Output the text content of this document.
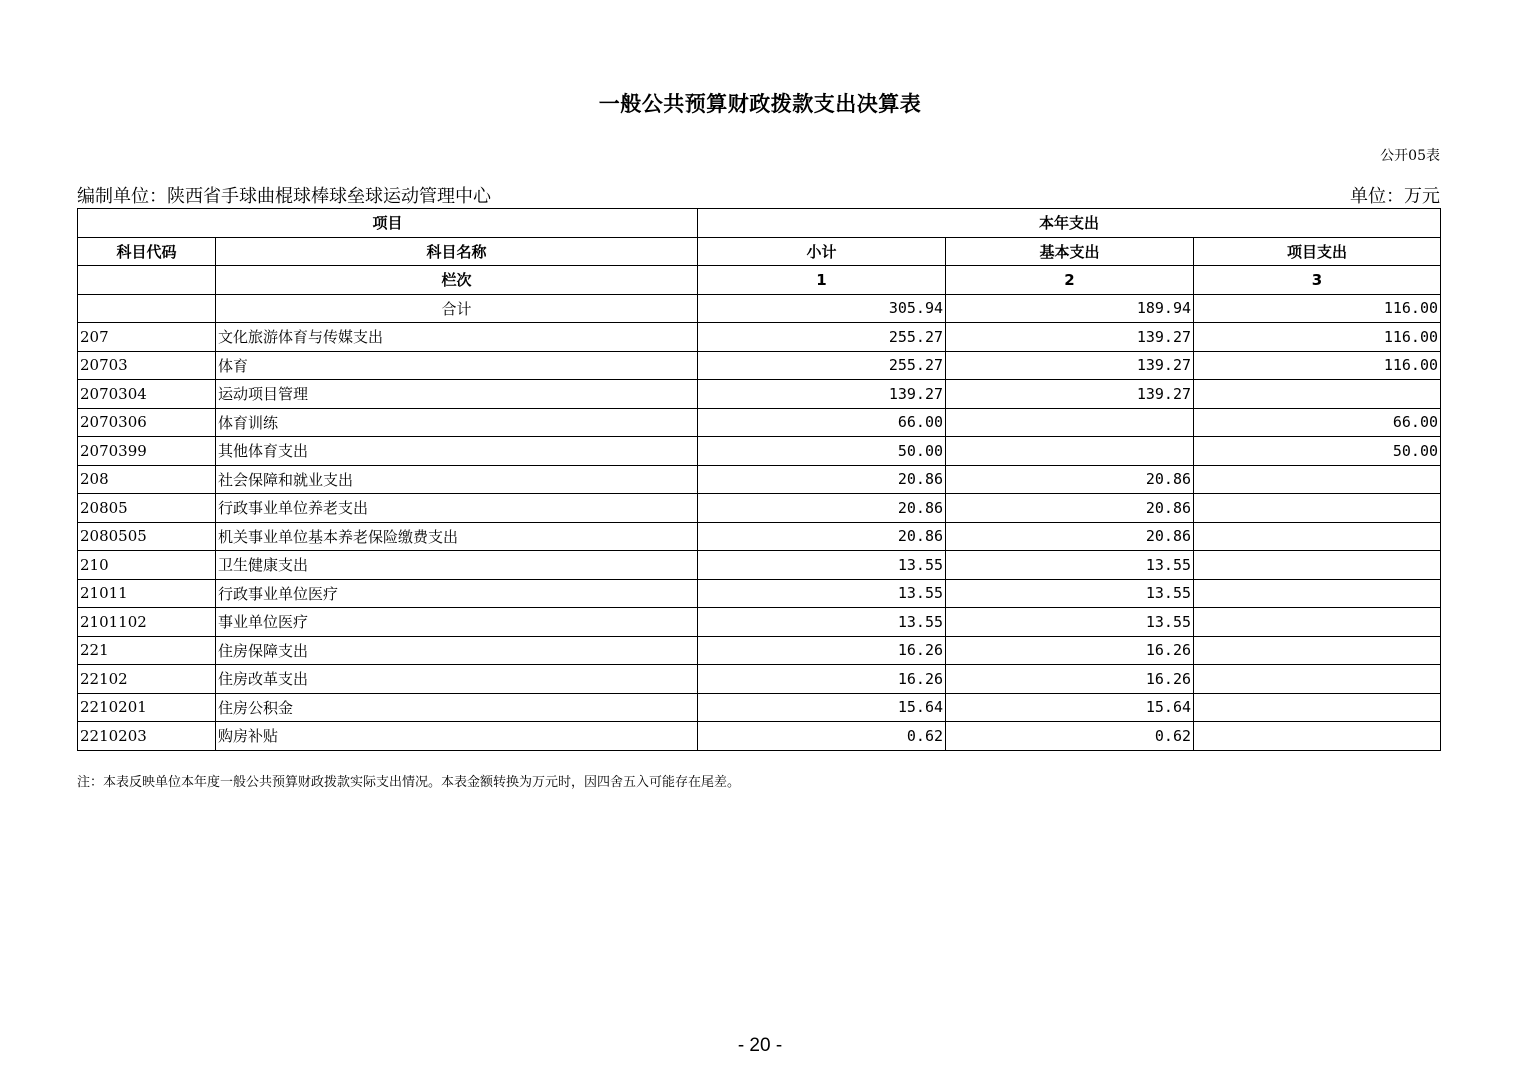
一般公共预算财政拨款支出决算表
公开05表
编制单位：陕西省手球曲棍球棒球垒球运动管理中心	单位：万元
项目		本年支出		
科目代码	科目名称	小计	基本支出	项目支出
	栏次	1	2	3
	合计	305.94	189.94	116.00
207	文化旅游体育与传媒支出	255.27	139.27	116.00
20703	体育	255.27	139.27	116.00
2070304	运动项目管理	139.27	139.27	
2070306	体育训练	66.00		66.00
2070399	其他体育支出	50.00		50.00
208	社会保障和就业支出	20.86	20.86	
20805	行政事业单位养老支出	20.86	20.86	
2080505	机关事业单位基本养老保险缴费支出	20.86	20.86	
210	卫生健康支出	13.55	13.55	
21011	行政事业单位医疗	13.55	13.55	
2101102	事业单位医疗	13.55	13.55	
221	住房保障支出	16.26	16.26	
22102	住房改革支出	16.26	16.26	
2210201	住房公积金	15.64	15.64	
2210203	购房补贴	0.62	0.62	
注：本表反映单位本年度一般公共预算财政拨款实际支出情况。本表金额转换为万元时，因四舍五入可能存在尾差。
- 20 -
